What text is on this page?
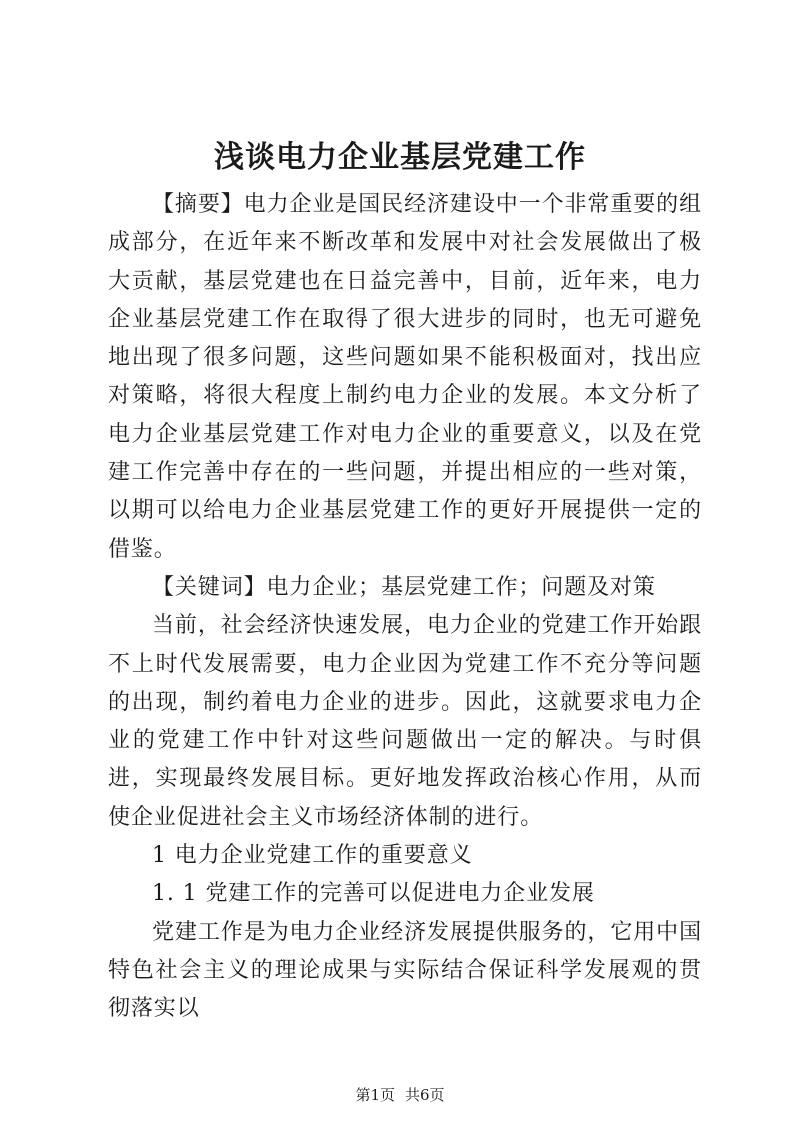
浅谈电力企业基层党建工作

【摘要】电力企业是国民经济建设中一个非常重要的组成部分，在近年来不断改革和发展中对社会发展做出了极大贡献，基层党建也在日益完善中，目前，近年来，电力企业基层党建工作在取得了很大进步的同时，也无可避免地出现了很多问题，这些问题如果不能积极面对，找出应对策略，将很大程度上制约电力企业的发展。本文分析了电力企业基层党建工作对电力企业的重要意义，以及在党建工作完善中存在的一些问题，并提出相应的一些对策，以期可以给电力企业基层党建工作的更好开展提供一定的借鉴。

【关键词】电力企业；基层党建工作；问题及对策

当前，社会经济快速发展，电力企业的党建工作开始跟不上时代发展需要，电力企业因为党建工作不充分等问题的出现，制约着电力企业的进步。因此，这就要求电力企业的党建工作中针对这些问题做出一定的解决。与时俱进，实现最终发展目标。更好地发挥政治核心作用，从而使企业促进社会主义市场经济体制的进行。

1 电力企业党建工作的重要意义

1. 1 党建工作的完善可以促进电力企业发展

党建工作是为电力企业经济发展提供服务的，它用中国特色社会主义的理论成果与实际结合保证科学发展观的贯彻落实以

第1页 共6页
